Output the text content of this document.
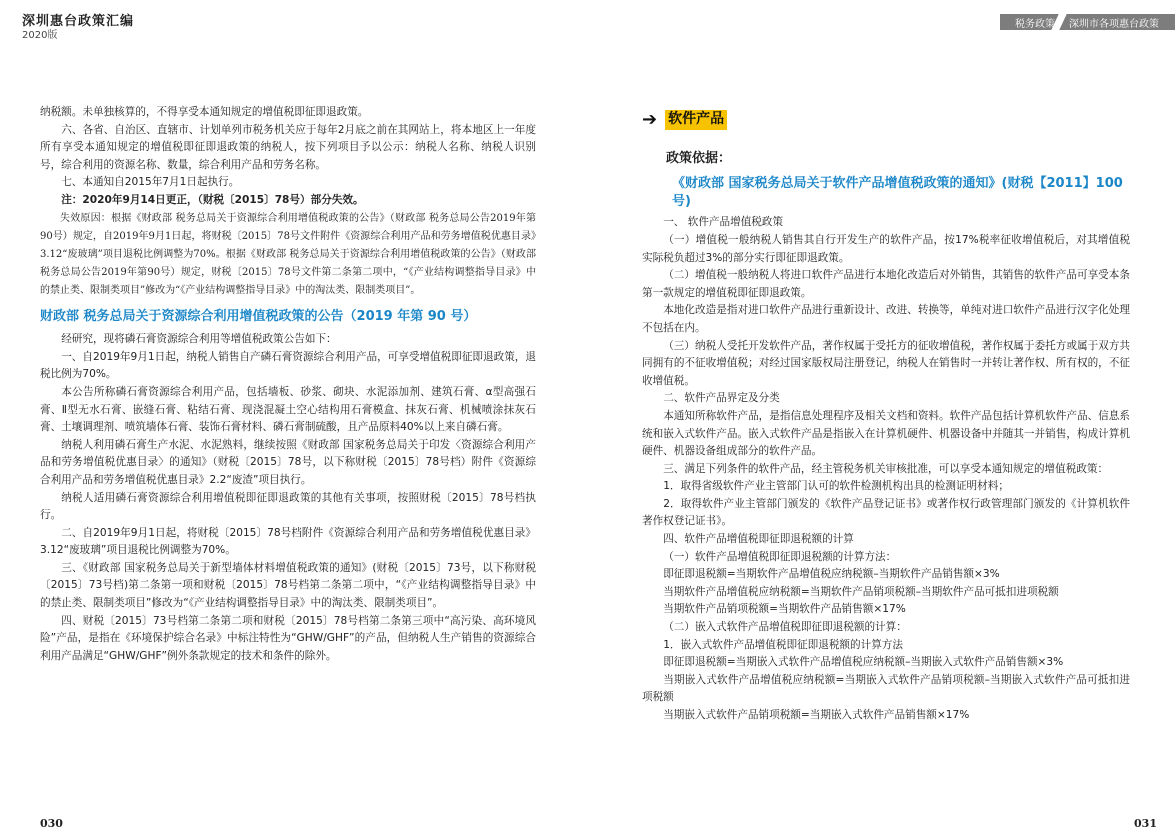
深圳惠台政策汇编
2020版
税务政策 深圳市各项惠台政策

纳税额。未单独核算的，不得享受本通知规定的增值税即征即退政策。

六、各省、自治区、直辖市、计划单列市税务机关应于每年2月底之前在其网站上，将本地区上一年度所有享受本通知规定的增值税即征即退政策的纳税人，按下列项目予以公示：纳税人名称、纳税人识别号，综合利用的资源名称、数量，综合利用产品和劳务名称。

七、本通知自2015年7月1日起执行。

注：2020年9月14日更正，（财税〔2015〕78号）部分失效。

失效原因：根据《财政部 税务总局关于资源综合利用增值税政策的公告》（财政部 税务总局公告2019年第90号）规定，自2019年9月1日起，将财税〔2015〕78号文件附件《资源综合利用产品和劳务增值税优惠目录》3.12“废玻璃”项目退税比例调整为70%。根据《财政部 税务总局关于资源综合利用增值税政策的公告》（财政部 税务总局公告2019年第90号）规定，财税〔2015〕78号文件第二条第二项中，“《产业结构调整指导目录》中的禁止类、限制类项目”修改为“《产业结构调整指导目录》中的淘汰类、限制类项目”。

财政部 税务总局关于资源综合利用增值税政策的公告（2019 年第 90 号）

经研究，现将磷石膏资源综合利用等增值税政策公告如下：

一、自2019年9月1日起，纳税人销售自产磷石膏资源综合利用产品，可享受增值税即征即退政策，退税比例为70%。

本公告所称磷石膏资源综合利用产品，包括墙板、砂浆、砌块、水泥添加剂、建筑石膏、α型高强石膏、Ⅱ型无水石膏、嵌缝石膏、粘结石膏、现浇混凝土空心结构用石膏模盒、抹灰石膏、机械喷涂抹灰石膏、土壤调理剂、喷筑墙体石膏、装饰石膏材料、磷石膏制硫酸，且产品原料40%以上来自磷石膏。

纳税人利用磷石膏生产水泥、水泥熟料，继续按照《财政部 国家税务总局关于印发〈资源综合利用产品和劳务增值税优惠目录〉的通知》（财税〔2015〕78号，以下称财税〔2015〕78号档）附件《资源综合利用产品和劳务增值税优惠目录》2.2“废渣”项目执行。

纳税人适用磷石膏资源综合利用增值税即征即退政策的其他有关事项，按照财税〔2015〕78号档执行。

二、自2019年9月1日起，将财税〔2015〕78号档附件《资源综合利用产品和劳务增值税优惠目录》3.12“废玻璃”项目退税比例调整为70%。

三、《财政部 国家税务总局关于新型墙体材料增值税政策的通知》(财税〔2015〕73号，以下称财税〔2015〕73号档)第二条第一项和财税〔2015〕78号档第二条第二项中，“《产业结构调整指导目录》中的禁止类、限制类项目”修改为“《产业结构调整指导目录》中的淘汰类、限制类项目”。

四、财税〔2015〕73号档第二条第二项和财税〔2015〕78号档第二条第三项中“高污染、高环境风险”产品，是指在《环境保护综合名录》中标注特性为“GHW/GHF”的产品，但纳税人生产销售的资源综合利用产品满足“GHW/GHF”例外条款规定的技术和条件的除外。

➔ 软件产品
政策依据：
《财政部 国家税务总局关于软件产品增值税政策的通知》(财税【2011】100号)

一、 软件产品增值税政策

（一）增值税一般纳税人销售其自行开发生产的软件产品，按17%税率征收增值税后，对其增值税实际税负超过3%的部分实行即征即退政策。

（二）增值税一般纳税人将进口软件产品进行本地化改造后对外销售，其销售的软件产品可享受本条第一款规定的增值税即征即退政策。

本地化改造是指对进口软件产品进行重新设计、改进、转换等，单纯对进口软件产品进行汉字化处理不包括在内。

（三）纳税人受托开发软件产品，著作权属于受托方的征收增值税，著作权属于委托方或属于双方共同拥有的不征收增值税；对经过国家版权局注册登记，纳税人在销售时一并转让著作权、所有权的，不征收增值税。

二、软件产品界定及分类

本通知所称软件产品，是指信息处理程序及相关文档和资料。软件产品包括计算机软件产品、信息系统和嵌入式软件产品。嵌入式软件产品是指嵌入在计算机硬件、机器设备中并随其一并销售，构成计算机硬件、机器设备组成部分的软件产品。

三、满足下列条件的软件产品，经主管税务机关审核批准，可以享受本通知规定的增值税政策：

1．取得省级软件产业主管部门认可的软件检测机构出具的检测证明材料；

2．取得软件产业主管部门颁发的《软件产品登记证书》或著作权行政管理部门颁发的《计算机软件著作权登记证书》。

四、软件产品增值税即征即退税额的计算

（一）软件产品增值税即征即退税额的计算方法：

即征即退税额=当期软件产品增值税应纳税额–当期软件产品销售额×3%

当期软件产品增值税应纳税额=当期软件产品销项税额–当期软件产品可抵扣进项税额

当期软件产品销项税额=当期软件产品销售额×17%

（二）嵌入式软件产品增值税即征即退税额的计算：

1．嵌入式软件产品增值税即征即退税额的计算方法

即征即退税额=当期嵌入式软件产品增值税应纳税额–当期嵌入式软件产品销售额×3%

当期嵌入式软件产品增值税应纳税额=当期嵌入式软件产品销项税额–当期嵌入式软件产品可抵扣进项税额

当期嵌入式软件产品销项税额=当期嵌入式软件产品销售额×17%

030	031
